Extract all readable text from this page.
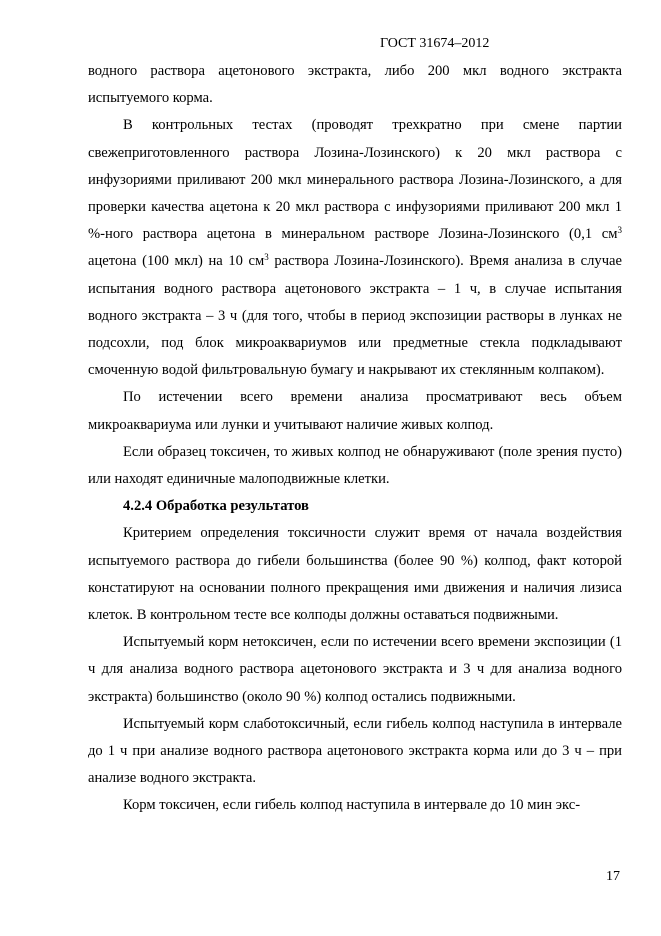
ГОСТ 31674–2012

водного раствора ацетонового экстракта, либо 200 мкл водного экстракта испытуемого корма.

В контрольных тестах (проводят трехкратно при смене партии свежеприготовленного раствора Лозина-Лозинского) к 20 мкл раствора с инфузориями приливают 200 мкл минерального раствора Лозина-Лозинского, а для проверки качества ацетона к 20 мкл раствора с инфузориями приливают 200 мкл 1 %-ного раствора ацетона в минеральном растворе Лозина-Лозинского (0,1 $см^3$ ацетона (100 мкл) на 10 $см^3$ раствора Лозина-Лозинского). Время анализа в случае испытания водного раствора ацетонового экстракта – 1 ч, в случае испытания водного экстракта – 3 ч (для того, чтобы в период экспозиции растворы в лунках не подсохли, под блок микроаквариумов или предметные стекла подкладывают смоченную водой фильтровальную бумагу и накрывают их стеклянным колпаком).

По истечении всего времени анализа просматривают весь объем микроаквариума или лунки и учитывают наличие живых колпод.

Если образец токсичен, то живых колпод не обнаруживают (поле зрения пусто) или находят единичные малоподвижные клетки.

4.2.4 Обработка результатов

Критерием определения токсичности служит время от начала воздействия испытуемого раствора до гибели большинства (более 90 %) колпод, факт которой констатируют на основании полного прекращения ими движения и наличия лизиса клеток. В контрольном тесте все колподы должны оставаться подвижными.

Испытуемый корм нетоксичен, если по истечении всего времени экспозиции (1 ч для анализа водного раствора ацетонового экстракта и 3 ч для анализа водного экстракта) большинство (около 90 %) колпод остались подвижными.

Испытуемый корм слаботоксичный, если гибель колпод наступила в интервале до 1 ч при анализе водного раствора ацетонового экстракта корма или до 3 ч – при анализе водного экстракта.

Корм токсичен, если гибель колпод наступила в интервале до 10 мин экс-

17
